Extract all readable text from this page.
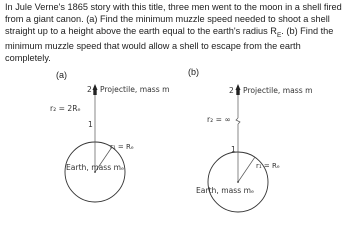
In Jule Verne's 1865 story with this title, three men went to the moon in a shell fired from a giant canon. (a) Find the minimum muzzle speed needed to shoot a shell straight up to a height above the earth equal to the earth's radius $R_E$. (b) Find the minimum muzzle speed that would allow a shell to escape from the earth completely.
(a)
2 Projectile, mass m
r₂ = 2Rₑ
1
r₁ = Rₑ
Earth, mass mₑ
(b)
2 Projectile, mass m
r₂ = ∞
1
r₁ = Rₑ
Earth, mass mₑ
